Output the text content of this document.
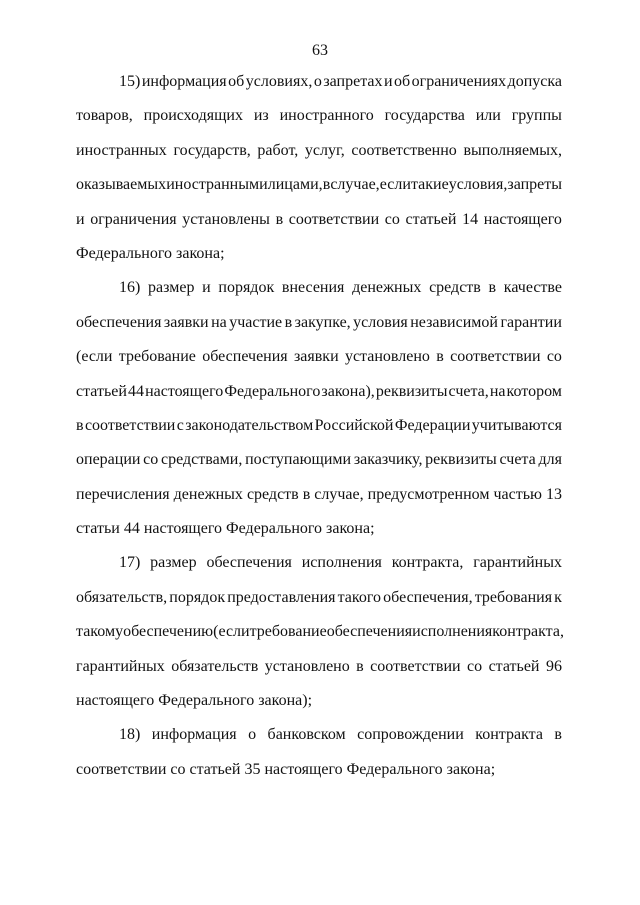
63
15) информация об условиях, о запретах и об ограничениях допуска
товаров, происходящих из иностранного государства или группы
иностранных государств, работ, услуг, соответственно выполняемых,
оказываемых иностранными лицами, в случае, если такие условия, запреты
и ограничения установлены в соответствии со статьей 14 настоящего
Федерального закона;
16) размер и порядок внесения денежных средств в качестве
обеспечения заявки на участие в закупке, условия независимой гарантии
(если требование обеспечения заявки установлено в соответствии со
статьей 44 настоящего Федерального закона), реквизиты счета, на котором
в соответствии с законодательством Российской Федерации учитываются
операции со средствами, поступающими заказчику, реквизиты счета для
перечисления денежных средств в случае, предусмотренном частью 13
статьи 44 настоящего Федерального закона;
17) размер обеспечения исполнения контракта, гарантийных
обязательств, порядок предоставления такого обеспечения, требования к
такому обеспечению (если требование обеспечения исполнения контракта,
гарантийных обязательств установлено в соответствии со статьей 96
настоящего Федерального закона);
18) информация о банковском сопровождении контракта в
соответствии со статьей 35 настоящего Федерального закона;
